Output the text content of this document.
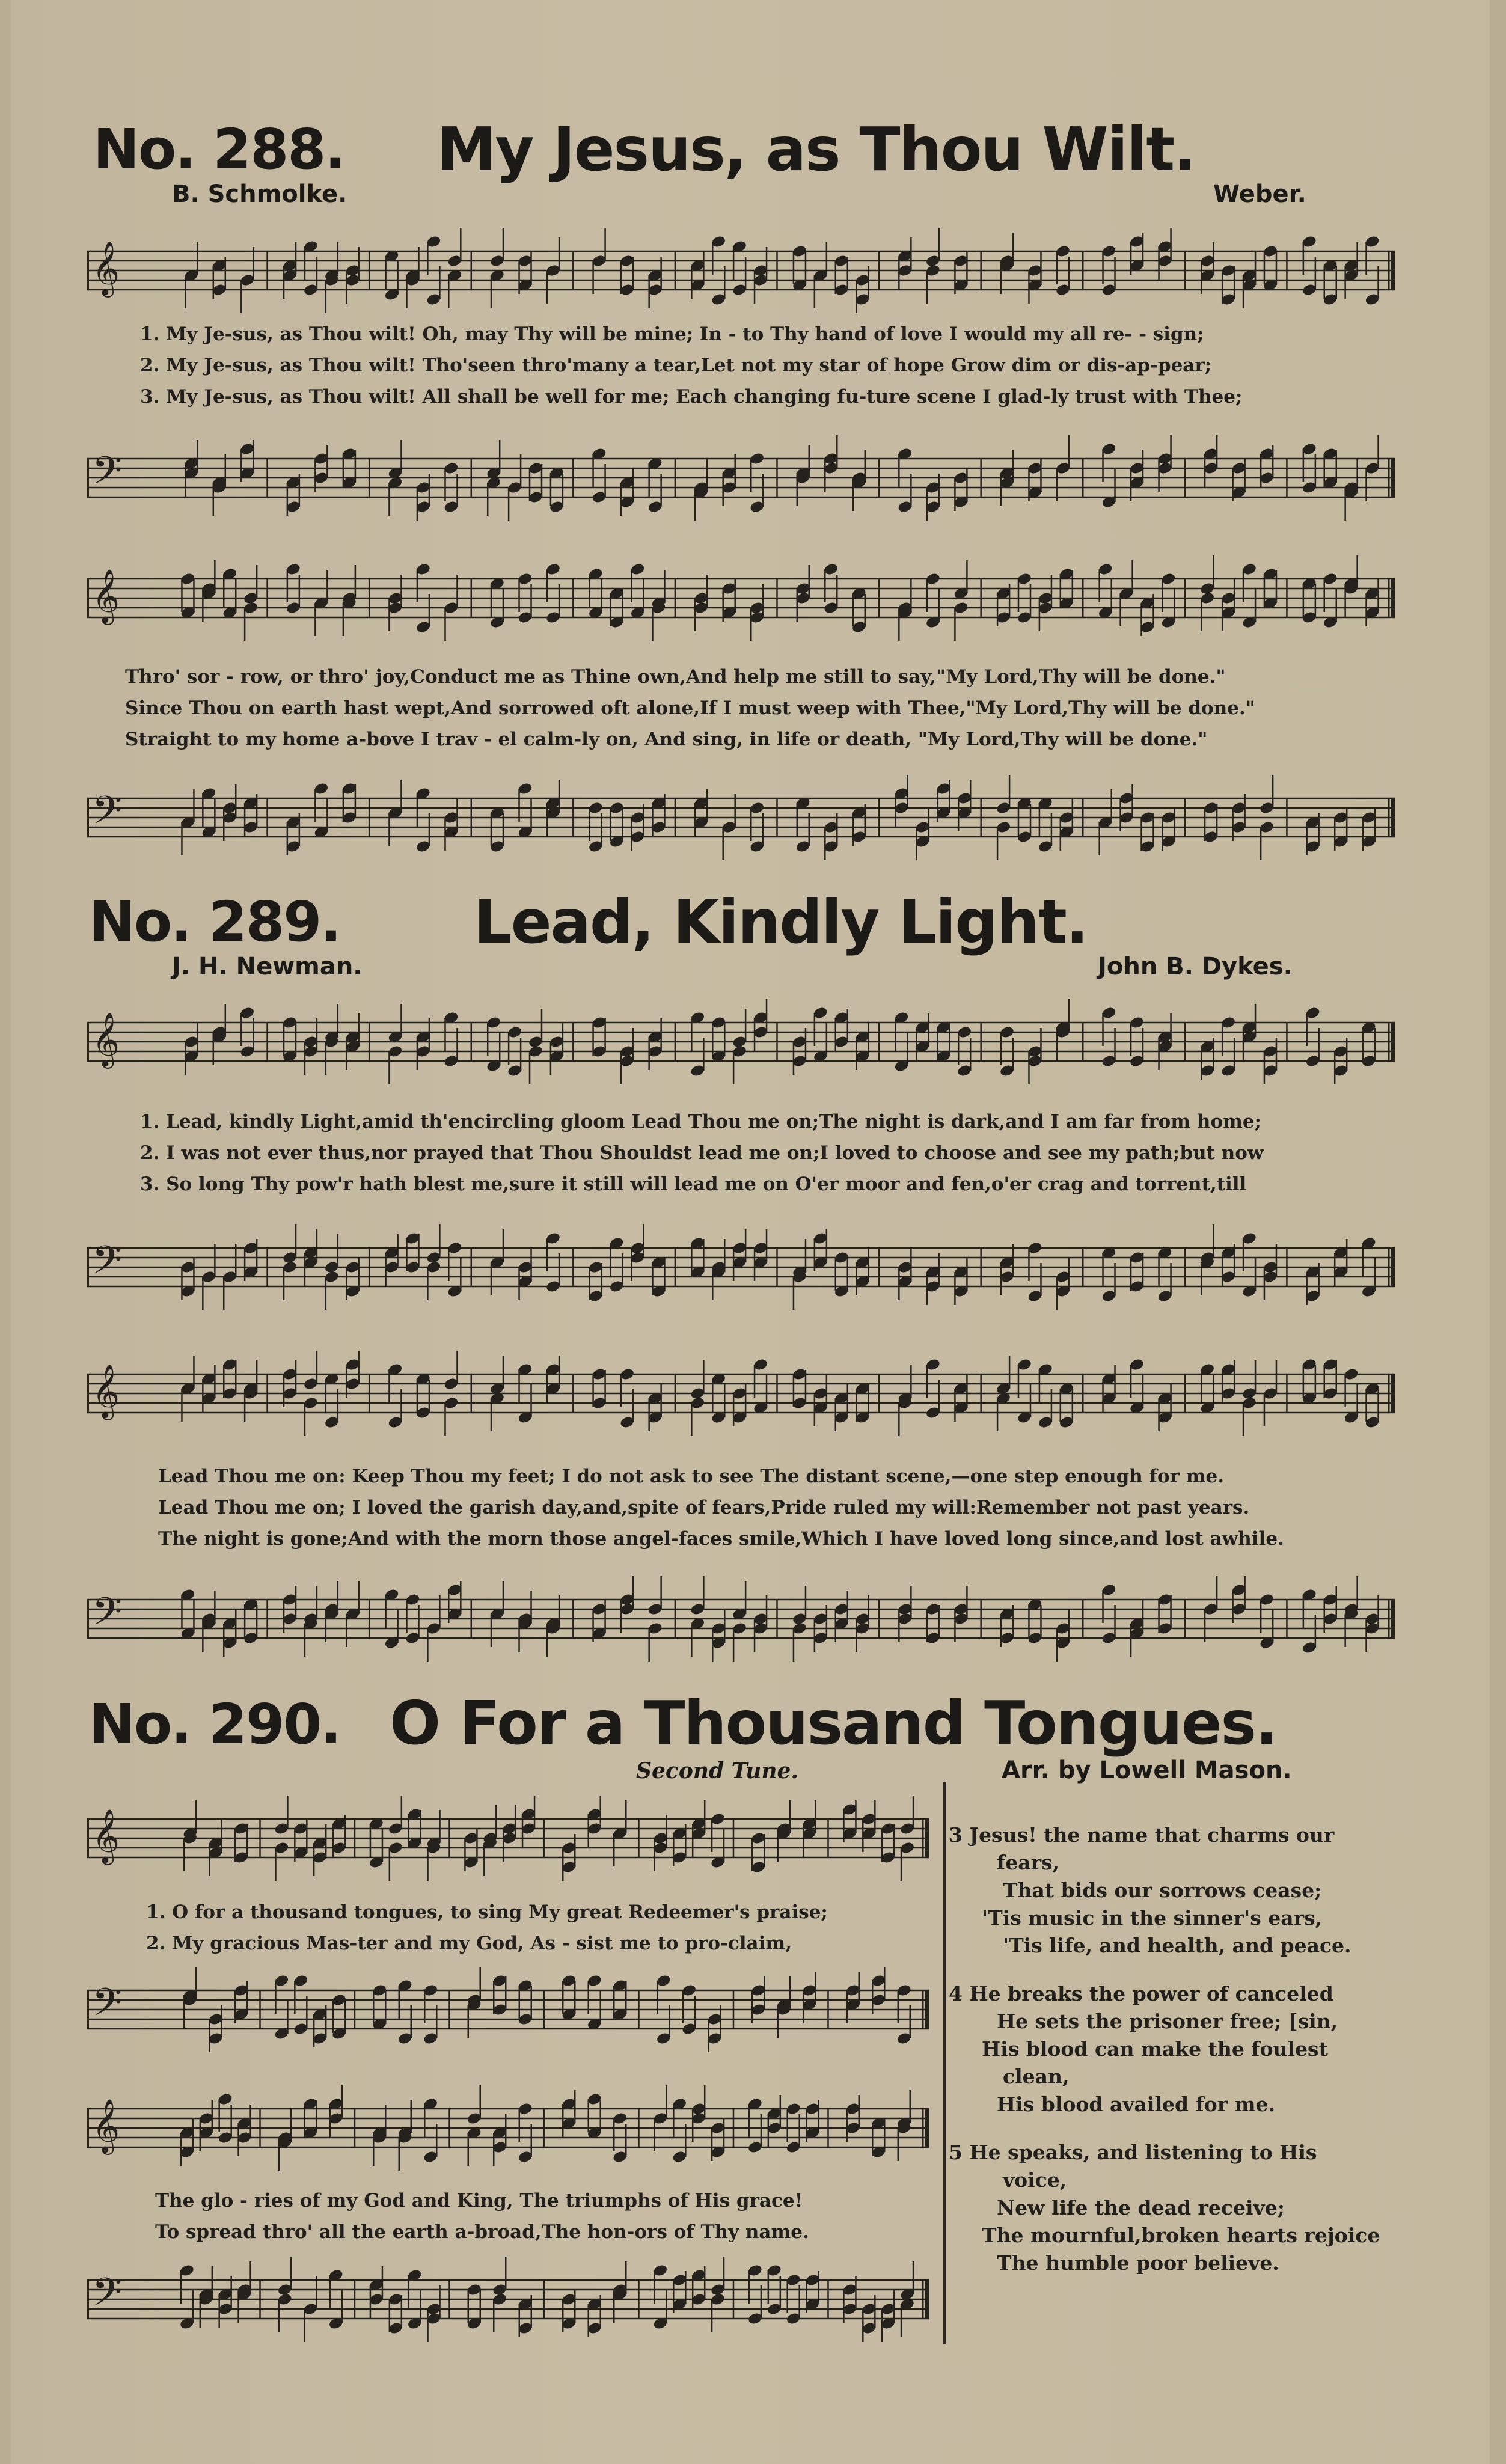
No. 288. My Jesus, as Thou Wilt.
B. Schmolke.	Weber.
𝄞
1. My Je-sus, as Thou wilt! Oh, may Thy will be mine; In - to Thy hand of love I would my all re- - sign;
2. My Je-sus, as Thou wilt! Tho'seen thro'many a tear,Let not my star of hope Grow dim or dis-ap-pear;
3. My Je-sus, as Thou wilt! All shall be well for me; Each changing fu-ture scene I glad-ly trust with Thee;
𝄢
𝄞
Thro' sor - row, or thro' joy,Conduct me as Thine own,And help me still to say,"My Lord,Thy will be done."
Since Thou on earth hast wept,And sorrowed oft alone,If I must weep with Thee,"My Lord,Thy will be done."
Straight to my home a-bove I trav - el calm-ly on, And sing, in life or death, "My Lord,Thy will be done."
𝄢
No. 289. Lead, Kindly Light.
J. H. Newman.	John B. Dykes.
𝄞
1. Lead, kindly Light,amid th'encircling gloom Lead Thou me on;The night is dark,and I am far from home;
2. I was not ever thus,nor prayed that Thou Shouldst lead me on;I loved to choose and see my path;but now
3. So long Thy pow'r hath blest me,sure it still will lead me on O'er moor and fen,o'er crag and torrent,till
𝄢
𝄞
Lead Thou me on: Keep Thou my feet; I do not ask to see The distant scene,—one step enough for me.
Lead Thou me on; I loved the garish day,and,spite of fears,Pride ruled my will:Remember not past years.
The night is gone;And with the morn those angel-faces smile,Which I have loved long since,and lost awhile.
𝄢
No. 290. O For a Thousand Tongues.
Second Tune.	Arr. by Lowell Mason.
𝄞
1. O for a thousand tongues, to sing My great Redeemer's praise;
2. My gracious Mas-ter and my God, As - sist me to pro-claim,
𝄢
𝄞
The glo - ries of my God and King, The triumphs of His grace!
To spread thro' all the earth a-broad,The hon-ors of Thy name.
𝄢
3 Jesus! the name that charms our
fears,
That bids our sorrows cease;
'Tis music in the sinner's ears,
'Tis life, and health, and peace.
4 He breaks the power of canceled
He sets the prisoner free; [sin,
His blood can make the foulest
clean,
His blood availed for me.
5 He speaks, and listening to His
voice,
New life the dead receive;
The mournful,broken hearts rejoice
The humble poor believe.
